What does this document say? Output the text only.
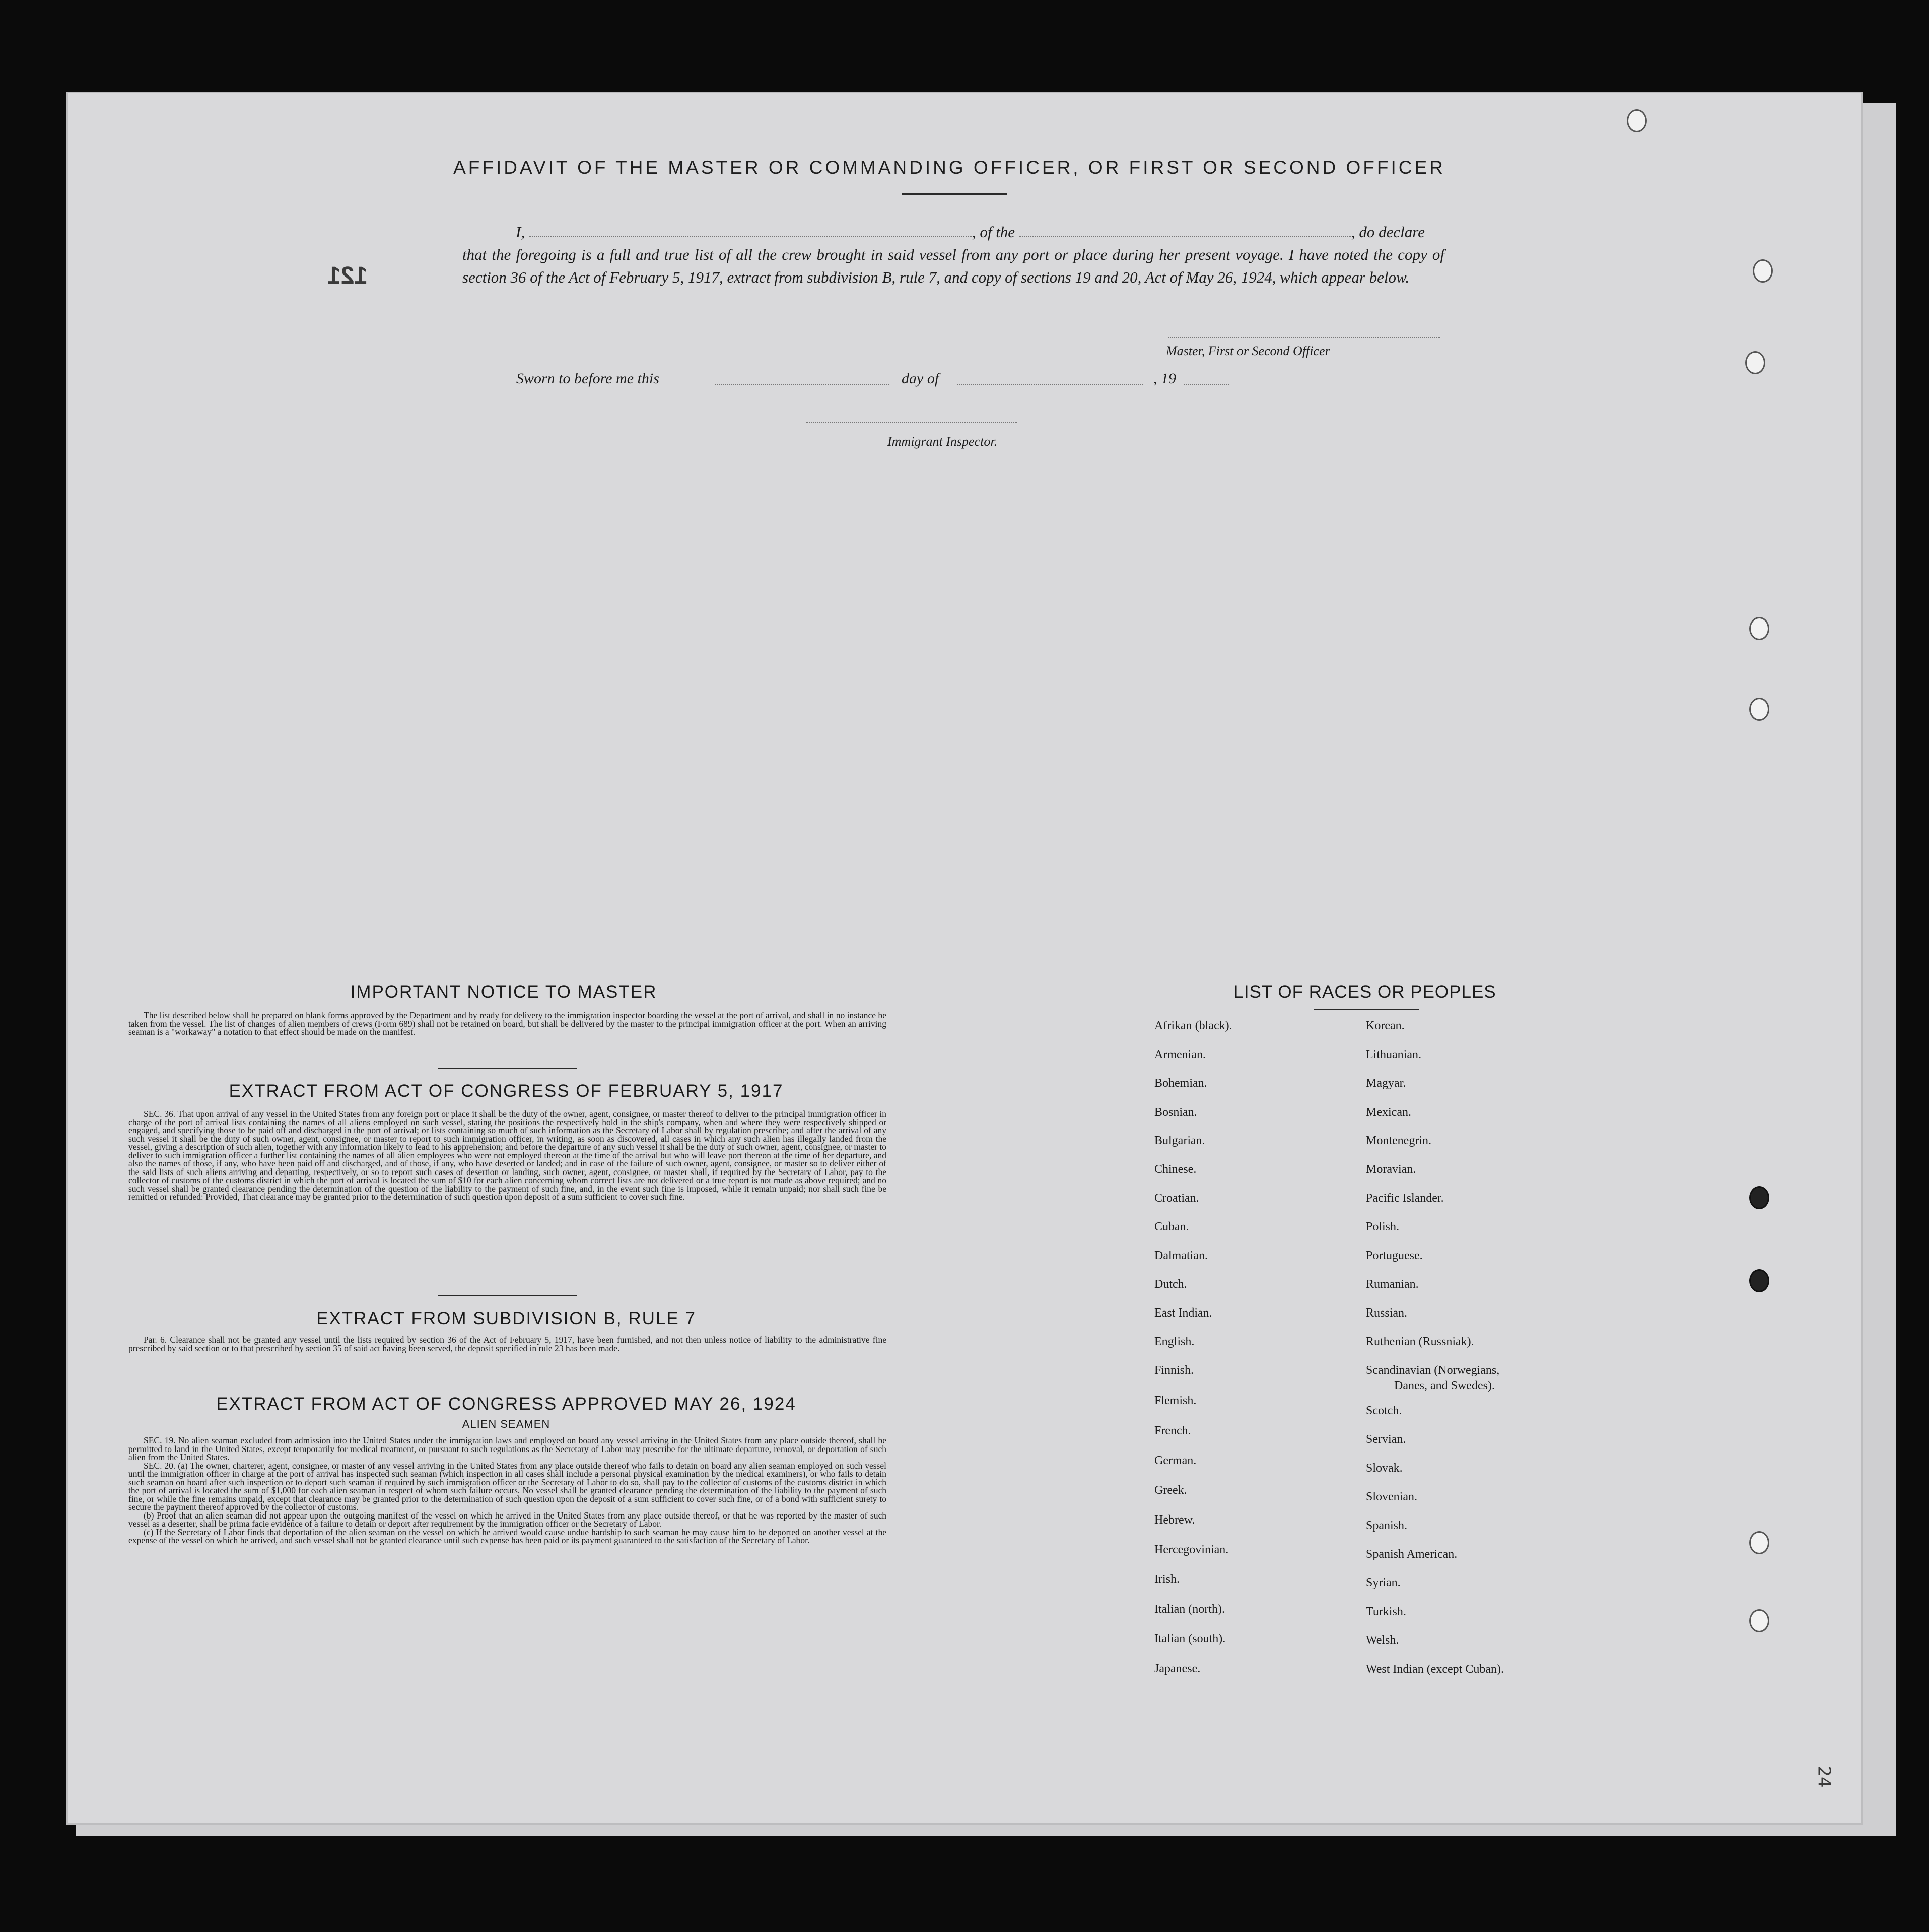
121
AFFIDAVIT OF THE MASTER OR COMMANDING OFFICER, OR FIRST OR SECOND OFFICER
I,	, of the	, do declare
that the foregoing is a full and true list of all the crew brought in said vessel from any port or place during her present voyage. I have noted the copy of section 36 of the Act of February 5, 1917, extract from subdivision B, rule 7, and copy of sections 19 and 20, Act of May 26, 1924, which appear below.
Master, First or Second Officer
Sworn to before me this	day of	, 19
Immigrant Inspector.
IMPORTANT NOTICE TO MASTER

The list described below shall be prepared on blank forms approved by the Department and by ready for delivery to the immigration inspector boarding the vessel at the port of arrival, and shall in no instance be taken from the vessel. The list of changes of alien members of crews (Form 689) shall not be retained on board, but shall be delivered by the master to the principal immigration officer at the port. When an arriving seaman is a "workaway" a notation to that effect should be made on the manifest.

EXTRACT FROM ACT OF CONGRESS OF FEBRUARY 5, 1917

SEC. 36. That upon arrival of any vessel in the United States from any foreign port or place it shall be the duty of the owner, agent, consignee, or master thereof to deliver to the principal immigration officer in charge of the port of arrival lists containing the names of all aliens employed on such vessel, stating the positions the respectively hold in the ship's company, when and where they were respectively shipped or engaged, and specifying those to be paid off and discharged in the port of arrival; or lists containing so much of such information as the Secretary of Labor shall by regulation prescribe; and after the arrival of any such vessel it shall be the duty of such owner, agent, consignee, or master to report to such immigration officer, in writing, as soon as discovered, all cases in which any such alien has illegally landed from the vessel, giving a description of such alien, together with any information likely to lead to his apprehension; and before the departure of any such vessel it shall be the duty of such owner, agent, consignee, or master to deliver to such immigration officer a further list containing the names of all alien employees who were not employed thereon at the time of the arrival but who will leave port thereon at the time of her departure, and also the names of those, if any, who have been paid off and discharged, and of those, if any, who have deserted or landed; and in case of the failure of such owner, agent, consignee, or master so to deliver either of the said lists of such aliens arriving and departing, respectively, or so to report such cases of desertion or landing, such owner, agent, consignee, or master shall, if required by the Secretary of Labor, pay to the collector of customs of the customs district in which the port of arrival is located the sum of $10 for each alien concerning whom correct lists are not delivered or a true report is not made as above required; and no such vessel shall be granted clearance pending the determination of the question of the liability to the payment of such fine, and, in the event such fine is imposed, while it remain unpaid; nor shall such fine be remitted or refunded: Provided, That clearance may be granted prior to the determination of such question upon deposit of a sum sufficient to cover such fine.

EXTRACT FROM SUBDIVISION B, RULE 7

Par. 6. Clearance shall not be granted any vessel until the lists required by section 36 of the Act of February 5, 1917, have been furnished, and not then unless notice of liability to the administrative fine prescribed by said section or to that prescribed by section 35 of said act having been served, the deposit specified in rule 23 has been made.

EXTRACT FROM ACT OF CONGRESS APPROVED MAY 26, 1924
ALIEN SEAMEN

SEC. 19. No alien seaman excluded from admission into the United States under the immigration laws and employed on board any vessel arriving in the United States from any place outside thereof, shall be permitted to land in the United States, except temporarily for medical treatment, or pursuant to such regulations as the Secretary of Labor may prescribe for the ultimate departure, removal, or deportation of such alien from the United States.

SEC. 20. (a) The owner, charterer, agent, consignee, or master of any vessel arriving in the United States from any place outside thereof who fails to detain on board any alien seaman employed on such vessel until the immigration officer in charge at the port of arrival has inspected such seaman (which inspection in all cases shall include a personal physical examination by the medical examiners), or who fails to detain such seaman on board after such inspection or to deport such seaman if required by such immigration officer or the Secretary of Labor to do so, shall pay to the collector of customs of the customs district in which the port of arrival is located the sum of $1,000 for each alien seaman in respect of whom such failure occurs. No vessel shall be granted clearance pending the determination of the liability to the payment of such fine, or while the fine remains unpaid, except that clearance may be granted prior to the determination of such question upon the deposit of a sum sufficient to cover such fine, or of a bond with sufficient surety to secure the payment thereof approved by the collector of customs.

(b) Proof that an alien seaman did not appear upon the outgoing manifest of the vessel on which he arrived in the United States from any place outside thereof, or that he was reported by the master of such vessel as a deserter, shall be prima facie evidence of a failure to detain or deport after requirement by the immigration officer or the Secretary of Labor.

(c) If the Secretary of Labor finds that deportation of the alien seaman on the vessel on which he arrived would cause undue hardship to such seaman he may cause him to be deported on another vessel at the expense of the vessel on which he arrived, and such vessel shall not be granted clearance until such expense has been paid or its payment guaranteed to the satisfaction of the Secretary of Labor.

LIST OF RACES OR PEOPLES
Afrikan (black).
Armenian.
Bohemian.
Bosnian.
Bulgarian.
Chinese.
Croatian.
Cuban.
Dalmatian.
Dutch.
East Indian.
English.
Finnish.
Flemish.
French.
German.
Greek.
Hebrew.
Hercegovinian.
Irish.
Italian (north).
Italian (south).
Japanese.
Korean.
Lithuanian.
Magyar.
Mexican.
Montenegrin.
Moravian.
Pacific Islander.
Polish.
Portuguese.
Rumanian.
Russian.
Ruthenian (Russniak).
Scandinavian (Norwegians,
Danes, and Swedes).
Scotch.
Servian.
Slovak.
Slovenian.
Spanish.
Spanish American.
Syrian.
Turkish.
Welsh.
West Indian (except Cuban).
24
